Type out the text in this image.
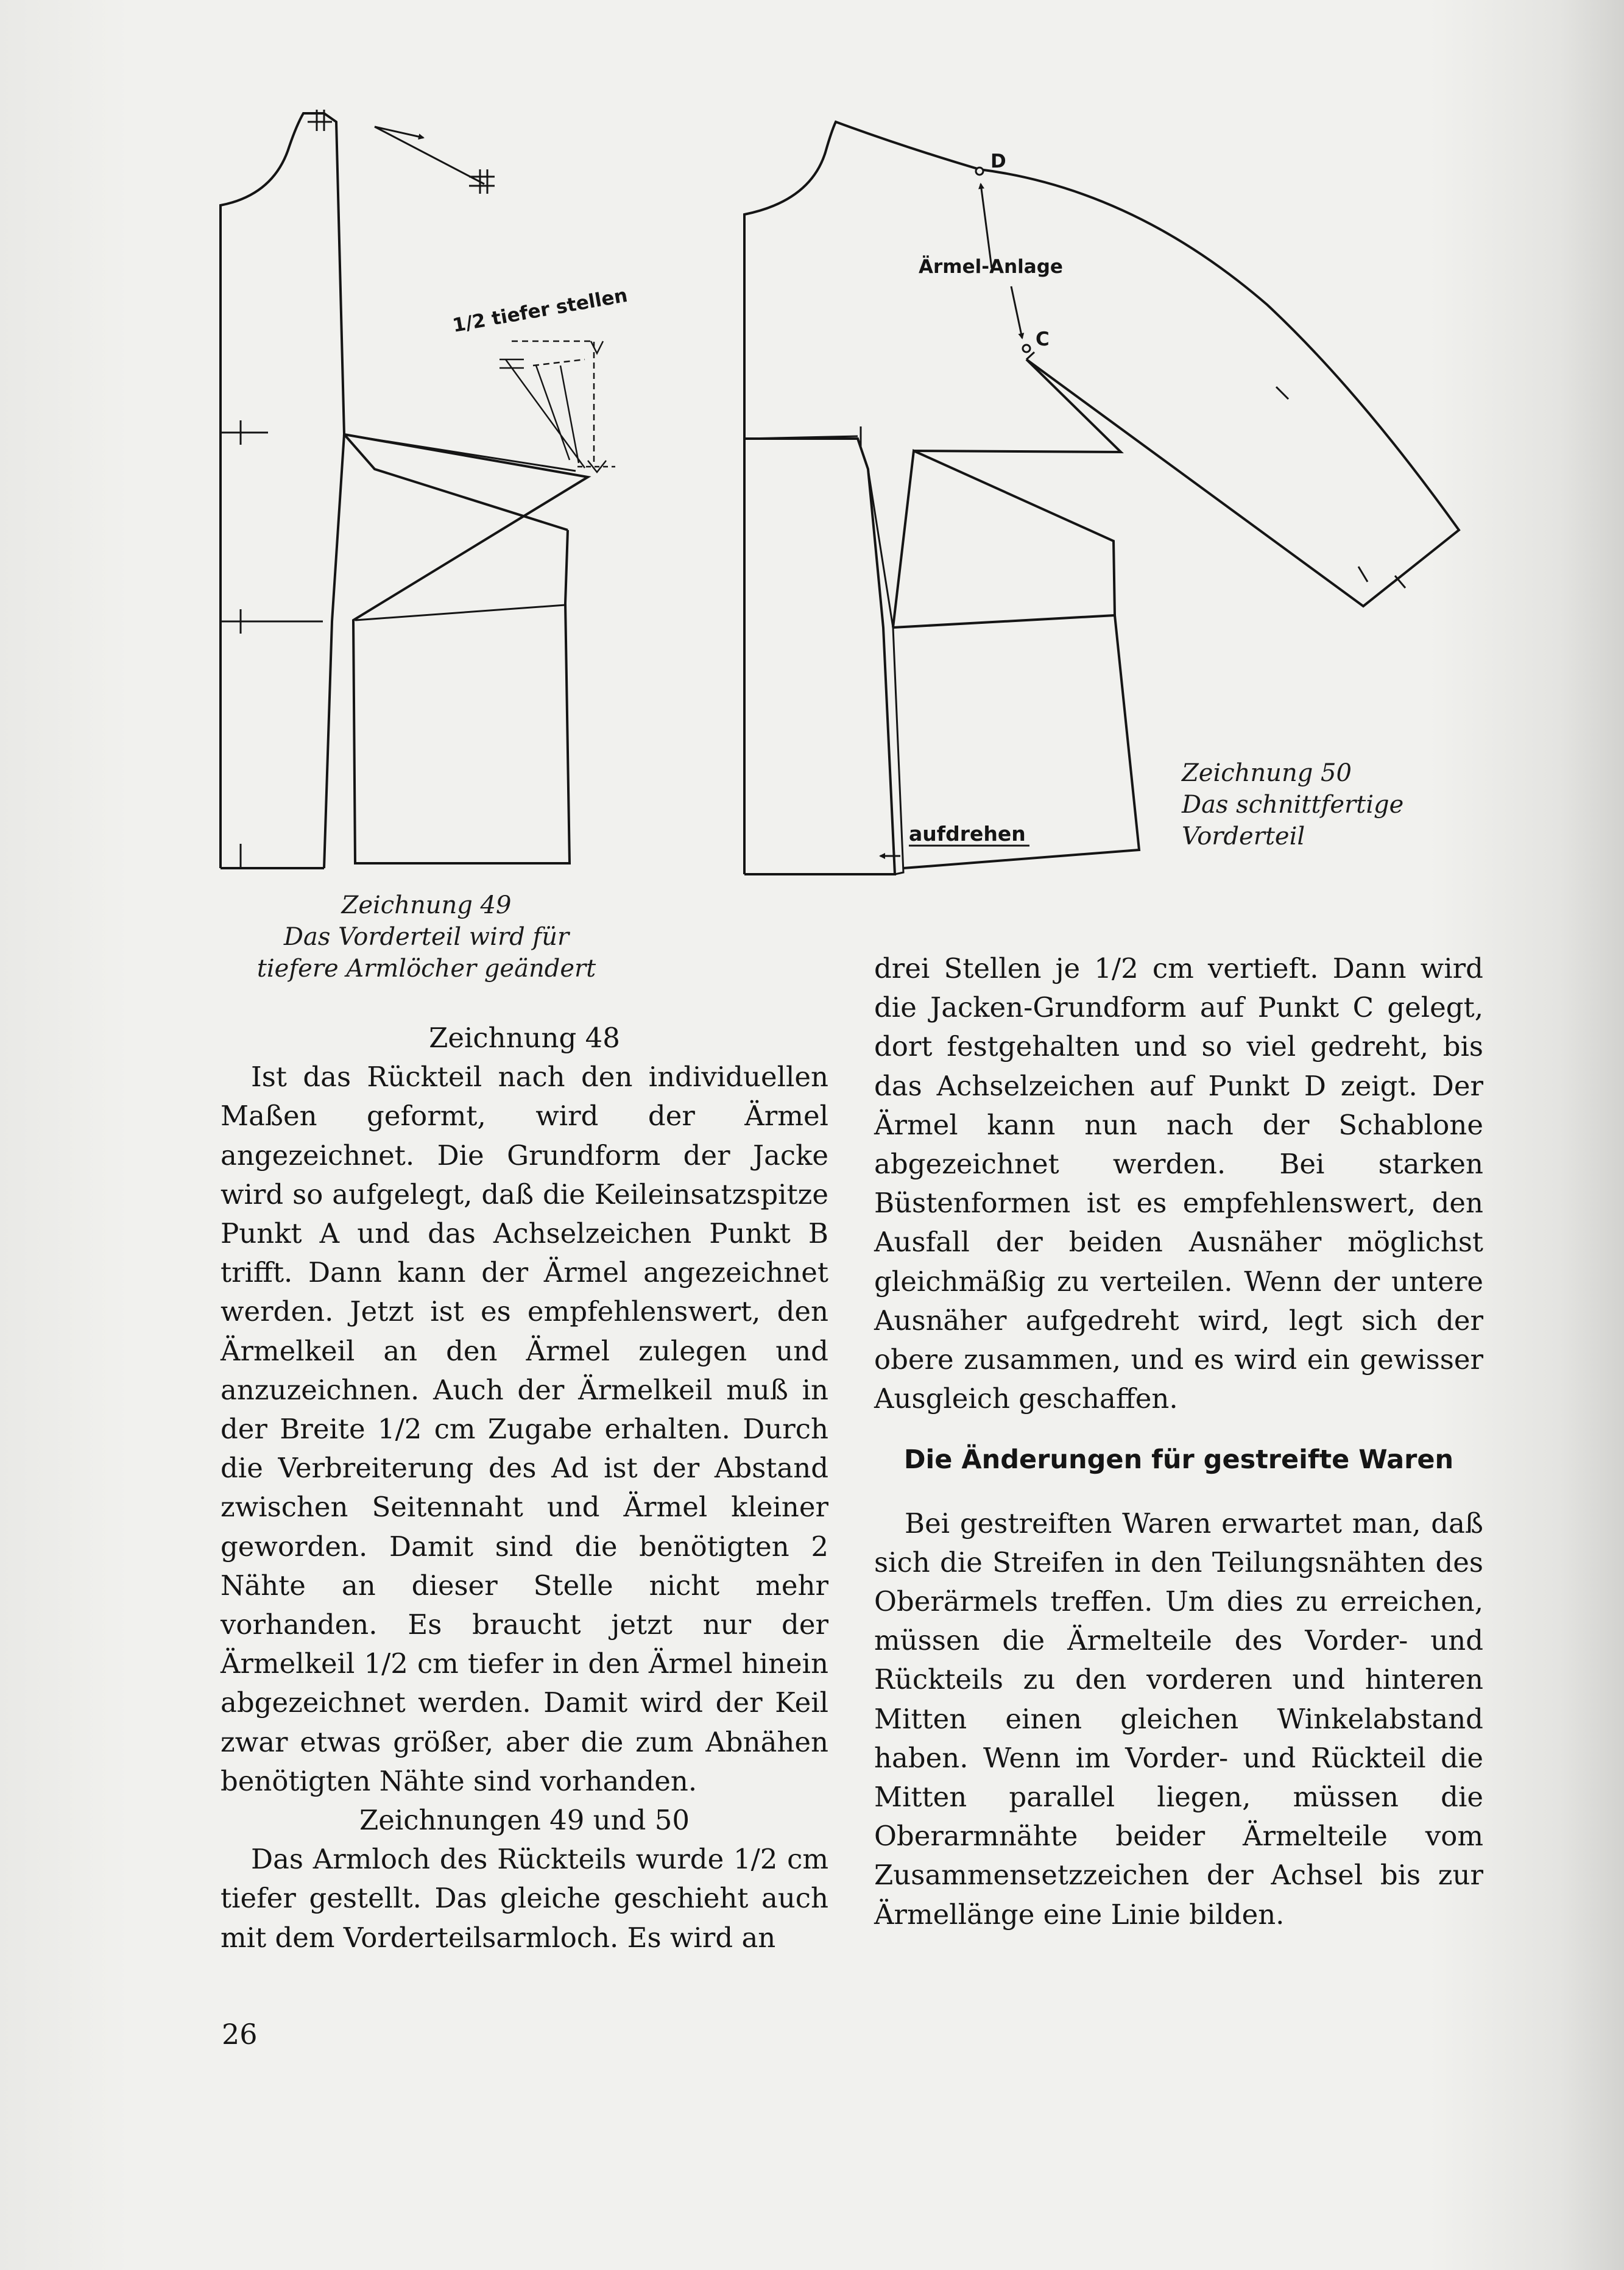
1/2 tiefer stellen
D
C
Ärmel-Anlage
aufdrehen
Zeichnung 49
Das Vorderteil wird für
tiefere Armlöcher geändert
Zeichnung 50
Das schnittfertige
Vorderteil

Zeichnung 48

Ist das Rückteil nach den individuellen Maßen geformt, wird der Ärmel angezeichnet. Die Grundform der Jacke wird so aufgelegt, daß die Keileinsatzspitze Punkt A und das Achselzeichen Punkt B trifft. Dann kann der Ärmel angezeichnet werden. Jetzt ist es empfehlenswert, den Ärmelkeil an den Ärmel zulegen und anzuzeichnen. Auch der Ärmelkeil muß in der Breite 1/2 cm Zugabe erhalten. Durch die Verbreiterung des Ad ist der Abstand zwischen Seitennaht und Ärmel kleiner geworden. Damit sind die benötigten 2 Nähte an dieser Stelle nicht mehr vorhanden. Es braucht jetzt nur der Ärmelkeil 1/2 cm tiefer in den Ärmel hinein abgezeichnet werden. Damit wird der Keil zwar etwas größer, aber die zum Abnähen benötigten Nähte sind vorhanden.

Zeichnungen 49 und 50

Das Armloch des Rückteils wurde 1/2 cm tiefer gestellt. Das gleiche geschieht auch mit dem Vorderteilsarmloch. Es wird an

drei Stellen je 1/2 cm vertieft. Dann wird die Jacken-Grundform auf Punkt C gelegt, dort festgehalten und so viel gedreht, bis das Achselzeichen auf Punkt D zeigt. Der Ärmel kann nun nach der Schablone abgezeichnet werden. Bei starken Büstenformen ist es empfehlenswert, den Ausfall der beiden Ausnäher möglichst gleichmäßig zu verteilen. Wenn der untere Ausnäher aufgedreht wird, legt sich der obere zusammen, und es wird ein gewisser Ausgleich geschaffen.

Die Änderungen für gestreifte Waren

Bei gestreiften Waren erwartet man, daß sich die Streifen in den Teilungsnähten des Oberärmels treffen. Um dies zu erreichen, müssen die Ärmelteile des Vorder- und Rückteils zu den vorderen und hinteren Mitten einen gleichen Winkelabstand haben. Wenn im Vorder- und Rückteil die Mitten parallel liegen, müssen die Oberarmnähte beider Ärmelteile vom Zusammensetzzeichen der Achsel bis zur Ärmellänge eine Linie bilden.

26
